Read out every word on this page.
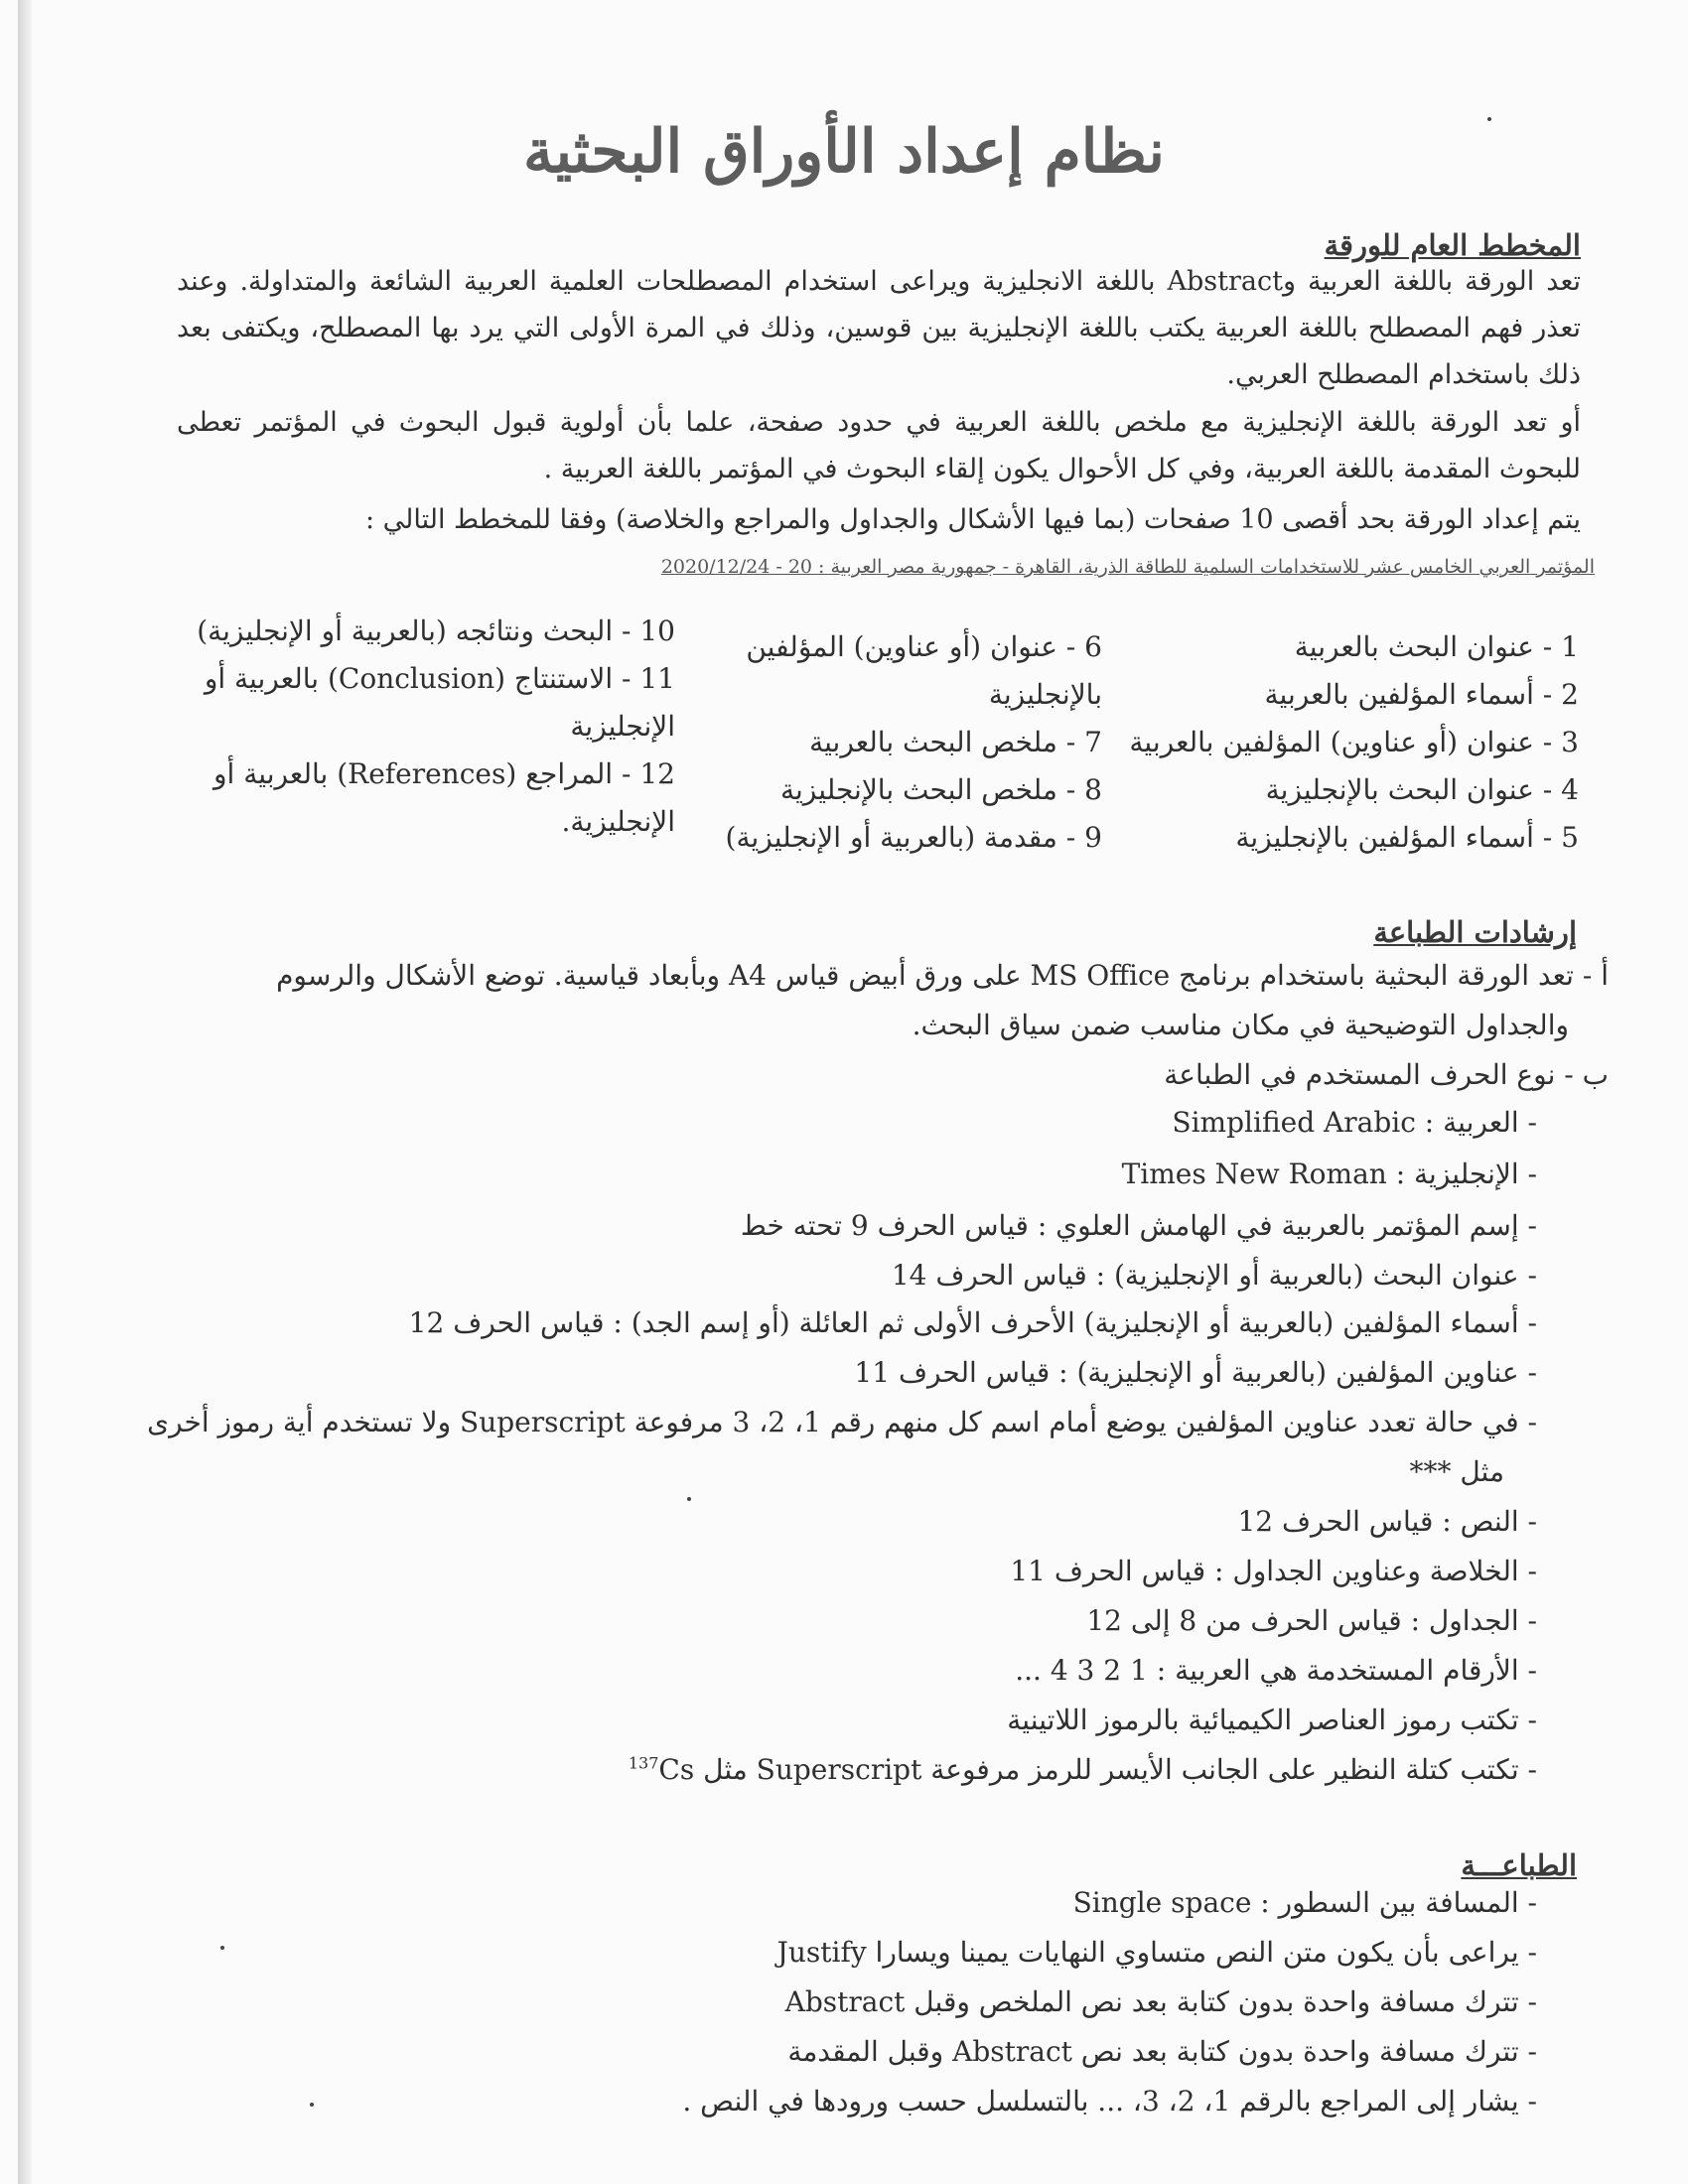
نظام إعداد الأوراق البحثية
المخطط العام للورقة
تعد الورقة باللغة العربية وAbstract باللغة الانجليزية ويراعى استخدام المصطلحات العلمية العربية الشائعة والمتداولة. وعند تعذر فهم المصطلح باللغة العربية يكتب باللغة الإنجليزية بين قوسين، وذلك في المرة الأولى التي يرد بها المصطلح، ويكتفى بعد ذلك باستخدام المصطلح العربي.
أو تعد الورقة باللغة الإنجليزية مع ملخص باللغة العربية في حدود صفحة، علما بأن أولوية قبول البحوث في المؤتمر تعطى للبحوث المقدمة باللغة العربية، وفي كل الأحوال يكون إلقاء البحوث في المؤتمر باللغة العربية .
يتم إعداد الورقة بحد أقصى 10 صفحات (بما فيها الأشكال والجداول والمراجع والخلاصة) وفقا للمخطط التالي :
المؤتمر العربي الخامس عشر للاستخدامات السلمية للطاقة الذرية، القاهرة - جمهورية مصر العربية : 20 - 2020/12/24
1 - عنوان البحث بالعربية
2 - أسماء المؤلفين بالعربية
3 - عنوان (أو عناوين) المؤلفين بالعربية
4 - عنوان البحث بالإنجليزية
5 - أسماء المؤلفين بالإنجليزية
6 - عنوان (أو عناوين) المؤلفين
بالإنجليزية
7 - ملخص البحث بالعربية
8 - ملخص البحث بالإنجليزية
9 - مقدمة (بالعربية أو الإنجليزية)
10 - البحث ونتائجه (بالعربية أو الإنجليزية)
11 - الاستنتاج (Conclusion) بالعربية أو
الإنجليزية
12 - المراجع (References) بالعربية أو
الإنجليزية.
إرشادات الطباعة
أ - تعد الورقة البحثية باستخدام برنامج MS Office على ورق أبيض قياس A4 وبأبعاد قياسية. توضع الأشكال والرسوم
والجداول التوضيحية في مكان مناسب ضمن سياق البحث.
ب - نوع الحرف المستخدم في الطباعة
- العربية : Simplified Arabic
- الإنجليزية : Times New Roman
- إسم المؤتمر بالعربية في الهامش العلوي : قياس الحرف 9 تحته خط
- عنوان البحث (بالعربية أو الإنجليزية) : قياس الحرف 14
- أسماء المؤلفين (بالعربية أو الإنجليزية) الأحرف الأولى ثم العائلة (أو إسم الجد) : قياس الحرف 12
- عناوين المؤلفين (بالعربية أو الإنجليزية) : قياس الحرف 11
- في حالة تعدد عناوين المؤلفين يوضع أمام اسم كل منهم رقم 1، 2، 3 مرفوعة Superscript ولا تستخدم أية رموز أخرى
مثل ***
- النص : قياس الحرف 12
- الخلاصة وعناوين الجداول : قياس الحرف 11
- الجداول : قياس الحرف من 8 إلى 12
- الأرقام المستخدمة هي العربية : 1 2 3 4 ...
- تكتب رموز العناصر الكيميائية بالرموز اللاتينية
- تكتب كتلة النظير على الجانب الأيسر للرمز مرفوعة Superscript مثل $^{137}$Cs
الطباعـــة
- المسافة بين السطور : Single space
- يراعى بأن يكون متن النص متساوي النهايات يمينا ويسارا Justify
- تترك مسافة واحدة بدون كتابة بعد نص الملخص وقبل Abstract
- تترك مسافة واحدة بدون كتابة بعد نص Abstract وقبل المقدمة
- يشار إلى المراجع بالرقم 1، 2، 3، ... بالتسلسل حسب ورودها في النص .
